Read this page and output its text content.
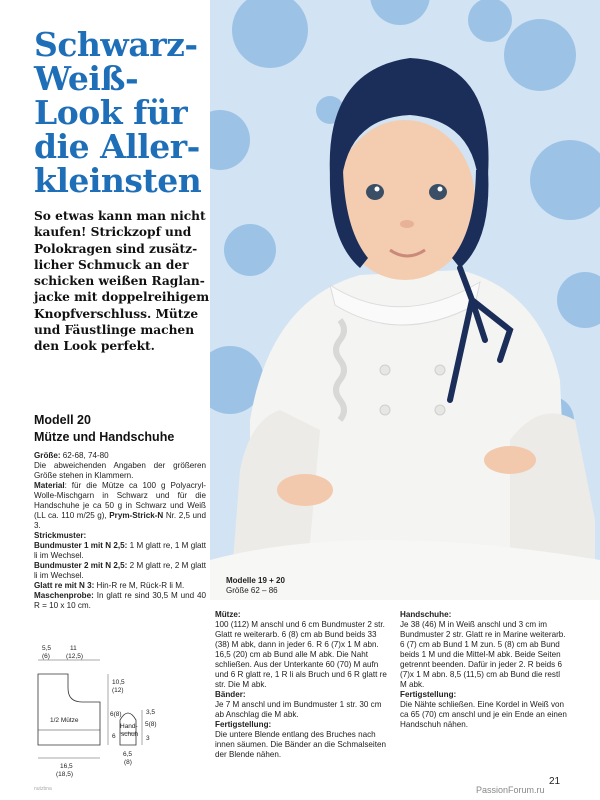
Schwarz-
Weiß-
Look für
die Aller-
kleinsten

So etwas kann man nicht
kaufen! Strickzopf und
Polokragen sind zusätz-
licher Schmuck an der
schicken weißen Raglan-
jacke mit doppelreihigem
Knopfverschluss. Mütze
und Fäustlinge machen
den Look perfekt.

Modell 20
Mütze und Handschuhe

Größe: 62-68, 74-80

Die abweichenden Angaben der größeren Größe stehen in Klammern.

Material: für die Mütze ca 100 g Polyacryl-Wolle-Mischgarn in Schwarz und für die Handschuhe je ca 50 g in Schwarz und Weiß (LL ca. 110 m/25 g), Prym-Strick-N Nr. 2,5 und 3.

Strickmuster:

Bundmuster 1 mit N 2,5: 1 M glatt re, 1 M glatt li im Wechsel.

Bundmuster 2 mit N 2,5: 2 M glatt re, 2 M glatt li im Wechsel.

Glatt re mit N 3: Hin-R re M, Rück-R li M.

Maschenprobe: In glatt re sind 30,5 M und 40 R = 10 x 10 cm.

Modelle 19 + 20
Größe 62 – 86

Mütze:

100 (112) M anschl und 6 cm Bundmuster 2 str. Glatt re weiterarb. 6 (8) cm ab Bund beids 33 (38) M abk, dann in jeder 6. R 6 (7)x 1 M abn. 16,5 (20) cm ab Bund alle M abk. Die Naht schließen. Aus der Unterkante 60 (70) M aufn und 6 R glatt re, 1 R li als Bruch und 6 R glatt re str. Die M abk.

Bänder:

Je 7 M anschl und im Bundmuster 1 str. 30 cm ab Anschlag die M abk.

Fertigstellung:

Die untere Blende entlang des Bruches nach innen säumen. Die Bänder an die Schmalseiten der Blende nähen.

Handschuhe:

Je 38 (46) M in Weiß anschl und 3 cm im Bundmuster 2 str. Glatt re in Marine weiterarb. 6 (7) cm ab Bund 1 M zun. 5 (8) cm ab Bund beids 1 M und die Mittel-M abk. Beide Seiten getrennt beenden. Dafür in jeder 2. R beids 6 (7)x 1 M abn. 8,5 (11,5) cm ab Bund die restl M abk.

Fertigstellung:

Die Nähte schließen. Eine Kordel in Weiß von ca 65 (70) cm anschl und je ein Ende an einen Handschuh nähen.

5,5	11
(6) (12,5)
10,5
(12)
6(8)
6
1/2 Mütze
16,5
(18,5)
Hand-
schuh
3,5
5(8)
3
6,5
(8)
21
PassionForum.ru
nutzbna
